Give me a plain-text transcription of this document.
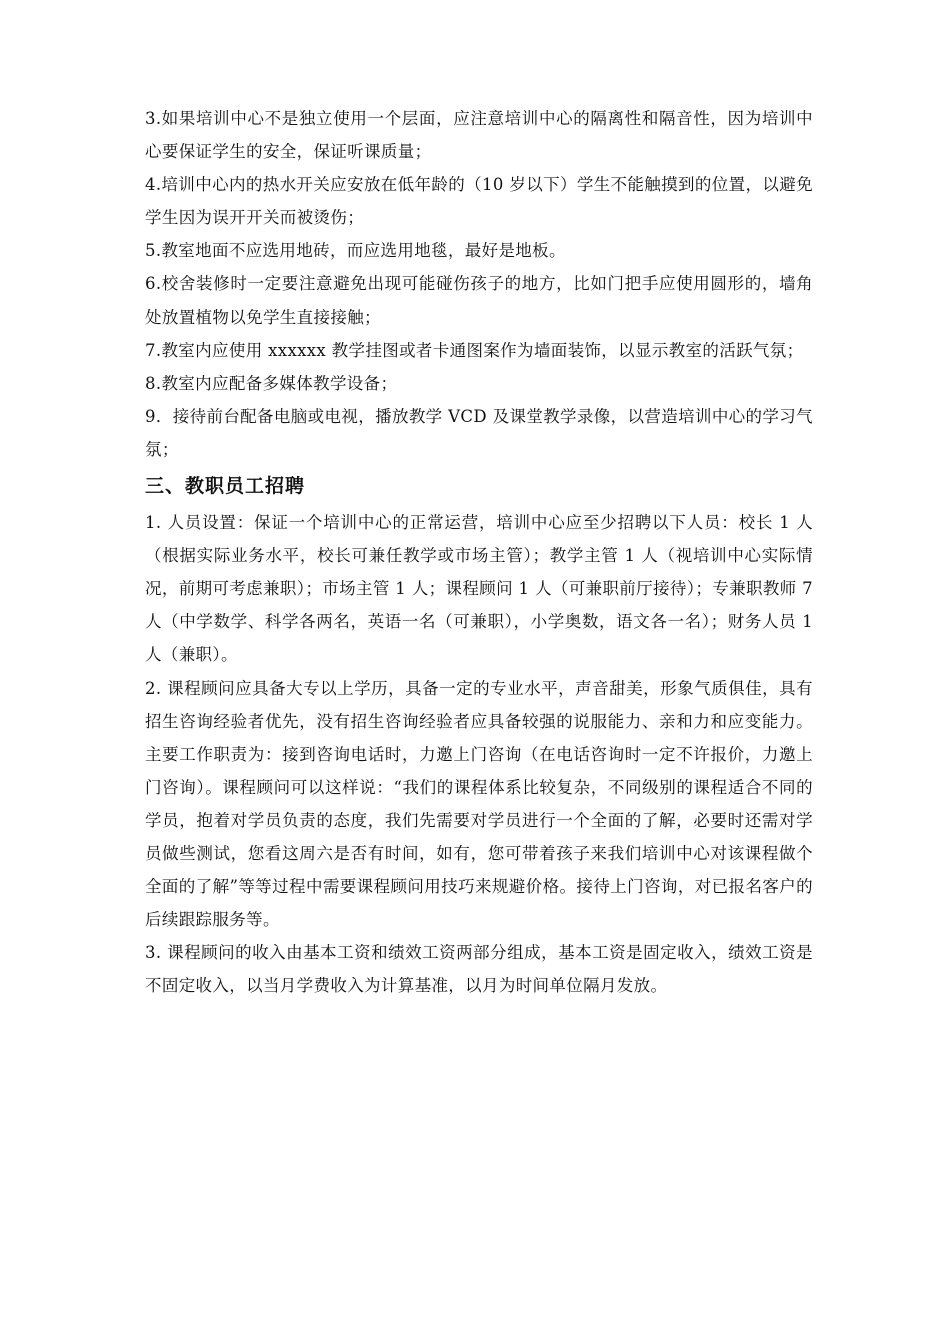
3.如果培训中心不是独立使用一个层面，应注意培训中心的隔离性和隔音性，因为培训中心要保证学生的安全，保证听课质量；

4.培训中心内的热水开关应安放在低年龄的（10 岁以下）学生不能触摸到的位置，以避免学生因为误开开关而被烫伤；

5.教室地面不应选用地砖，而应选用地毯，最好是地板。

6.校舍装修时一定要注意避免出现可能碰伤孩子的地方，比如门把手应使用圆形的，墙角处放置植物以免学生直接接触；

7.教室内应使用 xxxxxx 教学挂图或者卡通图案作为墙面装饰，以显示教室的活跃气氛；

8.教室内应配备多媒体教学设备；

9．接待前台配备电脑或电视，播放教学 VCD 及课堂教学录像，以营造培训中心的学习气氛；

三、教职员工招聘

1. 人员设置：保证一个培训中心的正常运营，培训中心应至少招聘以下人员：校长 1 人（根据实际业务水平，校长可兼任教学或市场主管）；教学主管 1 人（视培训中心实际情况，前期可考虑兼职）；市场主管 1 人；课程顾问 1 人（可兼职前厅接待）；专兼职教师 7 人（中学数学、科学各两名，英语一名（可兼职），小学奥数，语文各一名）；财务人员 1 人（兼职）。

2. 课程顾问应具备大专以上学历，具备一定的专业水平，声音甜美，形象气质俱佳，具有招生咨询经验者优先，没有招生咨询经验者应具备较强的说服能力、亲和力和应变能力。主要工作职责为：接到咨询电话时，力邀上门咨询（在电话咨询时一定不许报价，力邀上门咨询）。课程顾问可以这样说：“我们的课程体系比较复杂，不同级别的课程适合不同的学员，抱着对学员负责的态度，我们先需要对学员进行一个全面的了解，必要时还需对学员做些测试，您看这周六是否有时间，如有，您可带着孩子来我们培训中心对该课程做个全面的了解”等等过程中需要课程顾问用技巧来规避价格。接待上门咨询，对已报名客户的后续跟踪服务等。

3. 课程顾问的收入由基本工资和绩效工资两部分组成，基本工资是固定收入，绩效工资是不固定收入，以当月学费收入为计算基准，以月为时间单位隔月发放。
